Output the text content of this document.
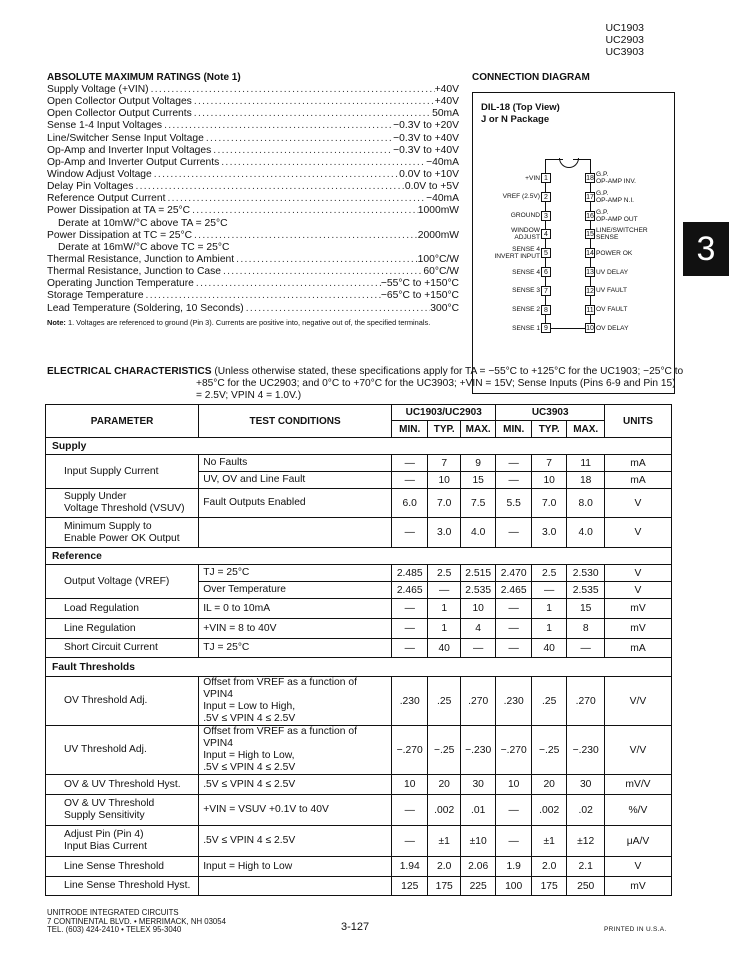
UC1903
UC2903
UC3903
3
ABSOLUTE MAXIMUM RATINGS (Note 1)
Supply Voltage (+VIN) .....	+40V
Open Collector Output Voltages .....	+40V
Open Collector Output Currents .....	50mA
Sense 1-4 Input Voltages .....	−0.3V to +20V
Line/Switcher Sense Input Voltage .....	−0.3V to +40V
Op-Amp and Inverter Input Voltages .....	−0.3V to +40V
Op-Amp and Inverter Output Currents .....	−40mA
Window Adjust Voltage .....	0.0V to +10V
Delay Pin Voltages .....	0.0V to +5V
Reference Output Current .....	−40mA
Power Dissipation at TA = 25°C .....	1000mW
Derate at 10mW/°C above TA = 25°C
Power Dissipation at TC = 25°C .....	2000mW
Derate at 16mW/°C above TC = 25°C
Thermal Resistance, Junction to Ambient .....	100°C/W
Thermal Resistance, Junction to Case .....	60°C/W
Operating Junction Temperature .....	−55°C to +150°C
Storage Temperature .....	−65°C to +150°C
Lead Temperature (Soldering, 10 Seconds) .....	300°C
Note: 1. Voltages are referenced to ground (Pin 3). Currents are positive into, negative out of, the specified terminals.
CONNECTION DIAGRAM
DIL-18 (Top View)
J or N Package
1
2
3
4
5
6
7
8
9
18
17
16
15
14
13
12
11
10
+VIN
VREF (2.5V)
GROUND
WINDOW
ADJUST
SENSE 4
INVERT INPUT
SENSE 4
SENSE 3
SENSE 2
SENSE 1
G.P.
OP-AMP INV.
G.P.
OP-AMP N.I.
G.P.
OP-AMP OUT
LINE/SWITCHER
SENSE
POWER OK
UV DELAY
UV FAULT
OV FAULT
OV DELAY
ELECTRICAL CHARACTERISTICS (Unless otherwise stated, these specifications apply for TA = −55°C to +125°C for the UC1903; −25°C to
+85°C for the UC2903; and 0°C to +70°C for the UC3903; +VIN = 15V; Sense Inputs (Pins 6-9 and Pin 15)
= 2.5V; VPIN 4 = 1.0V.)
PARAMETER	TEST CONDITIONS	UC1903/UC2903			UC3903			UNITS
		MIN.	TYP.	MAX.	MIN.	TYP.	MAX.	
Supply								
Input Supply Current	No Faults	—	7	9	—	7	11	mA
	UV, OV and Line Fault	—	10	15	—	10	18	mA

Supply Under
Voltage Threshold (VSUV)	Fault Outputs Enabled	6.0	7.0	7.5	5.5	7.0	8.0	V

Minimum Supply to
Enable Power OK Output		—	3.0	4.0	—	3.0	4.0	V
Reference								
Output Voltage (VREF)	TJ = 25°C	2.485	2.5	2.515	2.470	2.5	2.530	V
	Over Temperature	2.465	—	2.535	2.465	—	2.535	V
Load Regulation	IL = 0 to 10mA	—	1	10	—	1	15	mV
Line Regulation	+VIN = 8 to 40V	—	1	4	—	1	8	mV
Short Circuit Current	TJ = 25°C	—	40	—	—	40	—	mA
Fault Thresholds								
OV Threshold Adj.	Offset from VREF as a function of VPIN4
Input = Low to High,
.5V ≤ VPIN 4 ≤ 2.5V	.230	.25	.270	.230	.25	.270	V/V
UV Threshold Adj.	Offset from VREF as a function of VPIN4
Input = High to Low,
.5V ≤ VPIN 4 ≤ 2.5V	−.270	−.25	−.230	−.270	−.25	−.230	V/V
OV & UV Threshold Hyst.	.5V ≤ VPIN 4 ≤ 2.5V	10	20	30	10	20	30	mV/V

OV & UV Threshold
Supply Sensitivity	+VIN = VSUV +0.1V to 40V	—	.002	.01	—	.002	.02	%/V

Adjust Pin (Pin 4)
Input Bias Current	.5V ≤ VPIN 4 ≤ 2.5V	—	±1	±10	—	±1	±12	μA/V
Line Sense Threshold	Input = High to Low	1.94	2.0	2.06	1.9	2.0	2.1	V
Line Sense Threshold Hyst.		125	175	225	100	175	250	mV
UNITRODE INTEGRATED CIRCUITS
7 CONTINENTAL BLVD. • MERRIMACK, NH 03054
TEL. (603) 424-2410 • TELEX 95-3040	3-127	PRINTED IN U.S.A.
